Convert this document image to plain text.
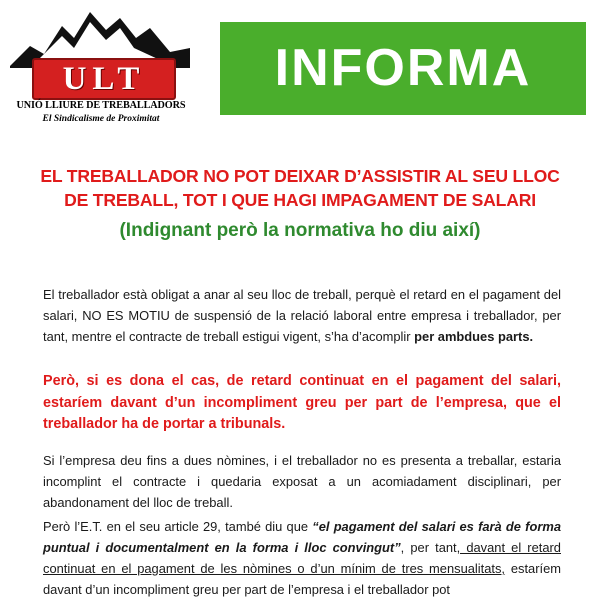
ULT
UNIÓ LLIURE DE TREBALLADORS
El Sindicalisme de Proximitat
INFORMA
EL TREBALLADOR NO POT DEIXAR D’ASSISTIR AL SEU LLOC
DE TREBALL, TOT I QUE HAGI IMPAGAMENT DE SALARI
(Indignant però la normativa ho diu així)

El treballador està obligat a anar al seu lloc de treball, perquè el retard en el pagament del salari, NO ES MOTIU de suspensió de la relació laboral entre empresa i treballador, per tant, mentre el contracte de treball estigui vigent, s’ha d’acomplir per ambdues parts.

Però, si es dona el cas, de retard continuat en el pagament del salari, estaríem davant d’un incompliment greu per part de l’empresa, que el treballador ha de portar a tribunals.

Si l’empresa deu fins a dues nòmines, i el treballador no es presenta a treballar, estaria incomplint el contracte i quedaria exposat a un acomiadament disciplinari, per abandonament del lloc de treball.

Però l’E.T. en el seu article 29, també diu que “el pagament del salari es farà de forma puntual i documentalment en la forma i lloc convingut”, per tant, davant el retard continuat en el pagament de les nòmines o d’un mínim de tres mensualitats, estaríem davant d’un incompliment greu per part de l’empresa i el treballador pot
